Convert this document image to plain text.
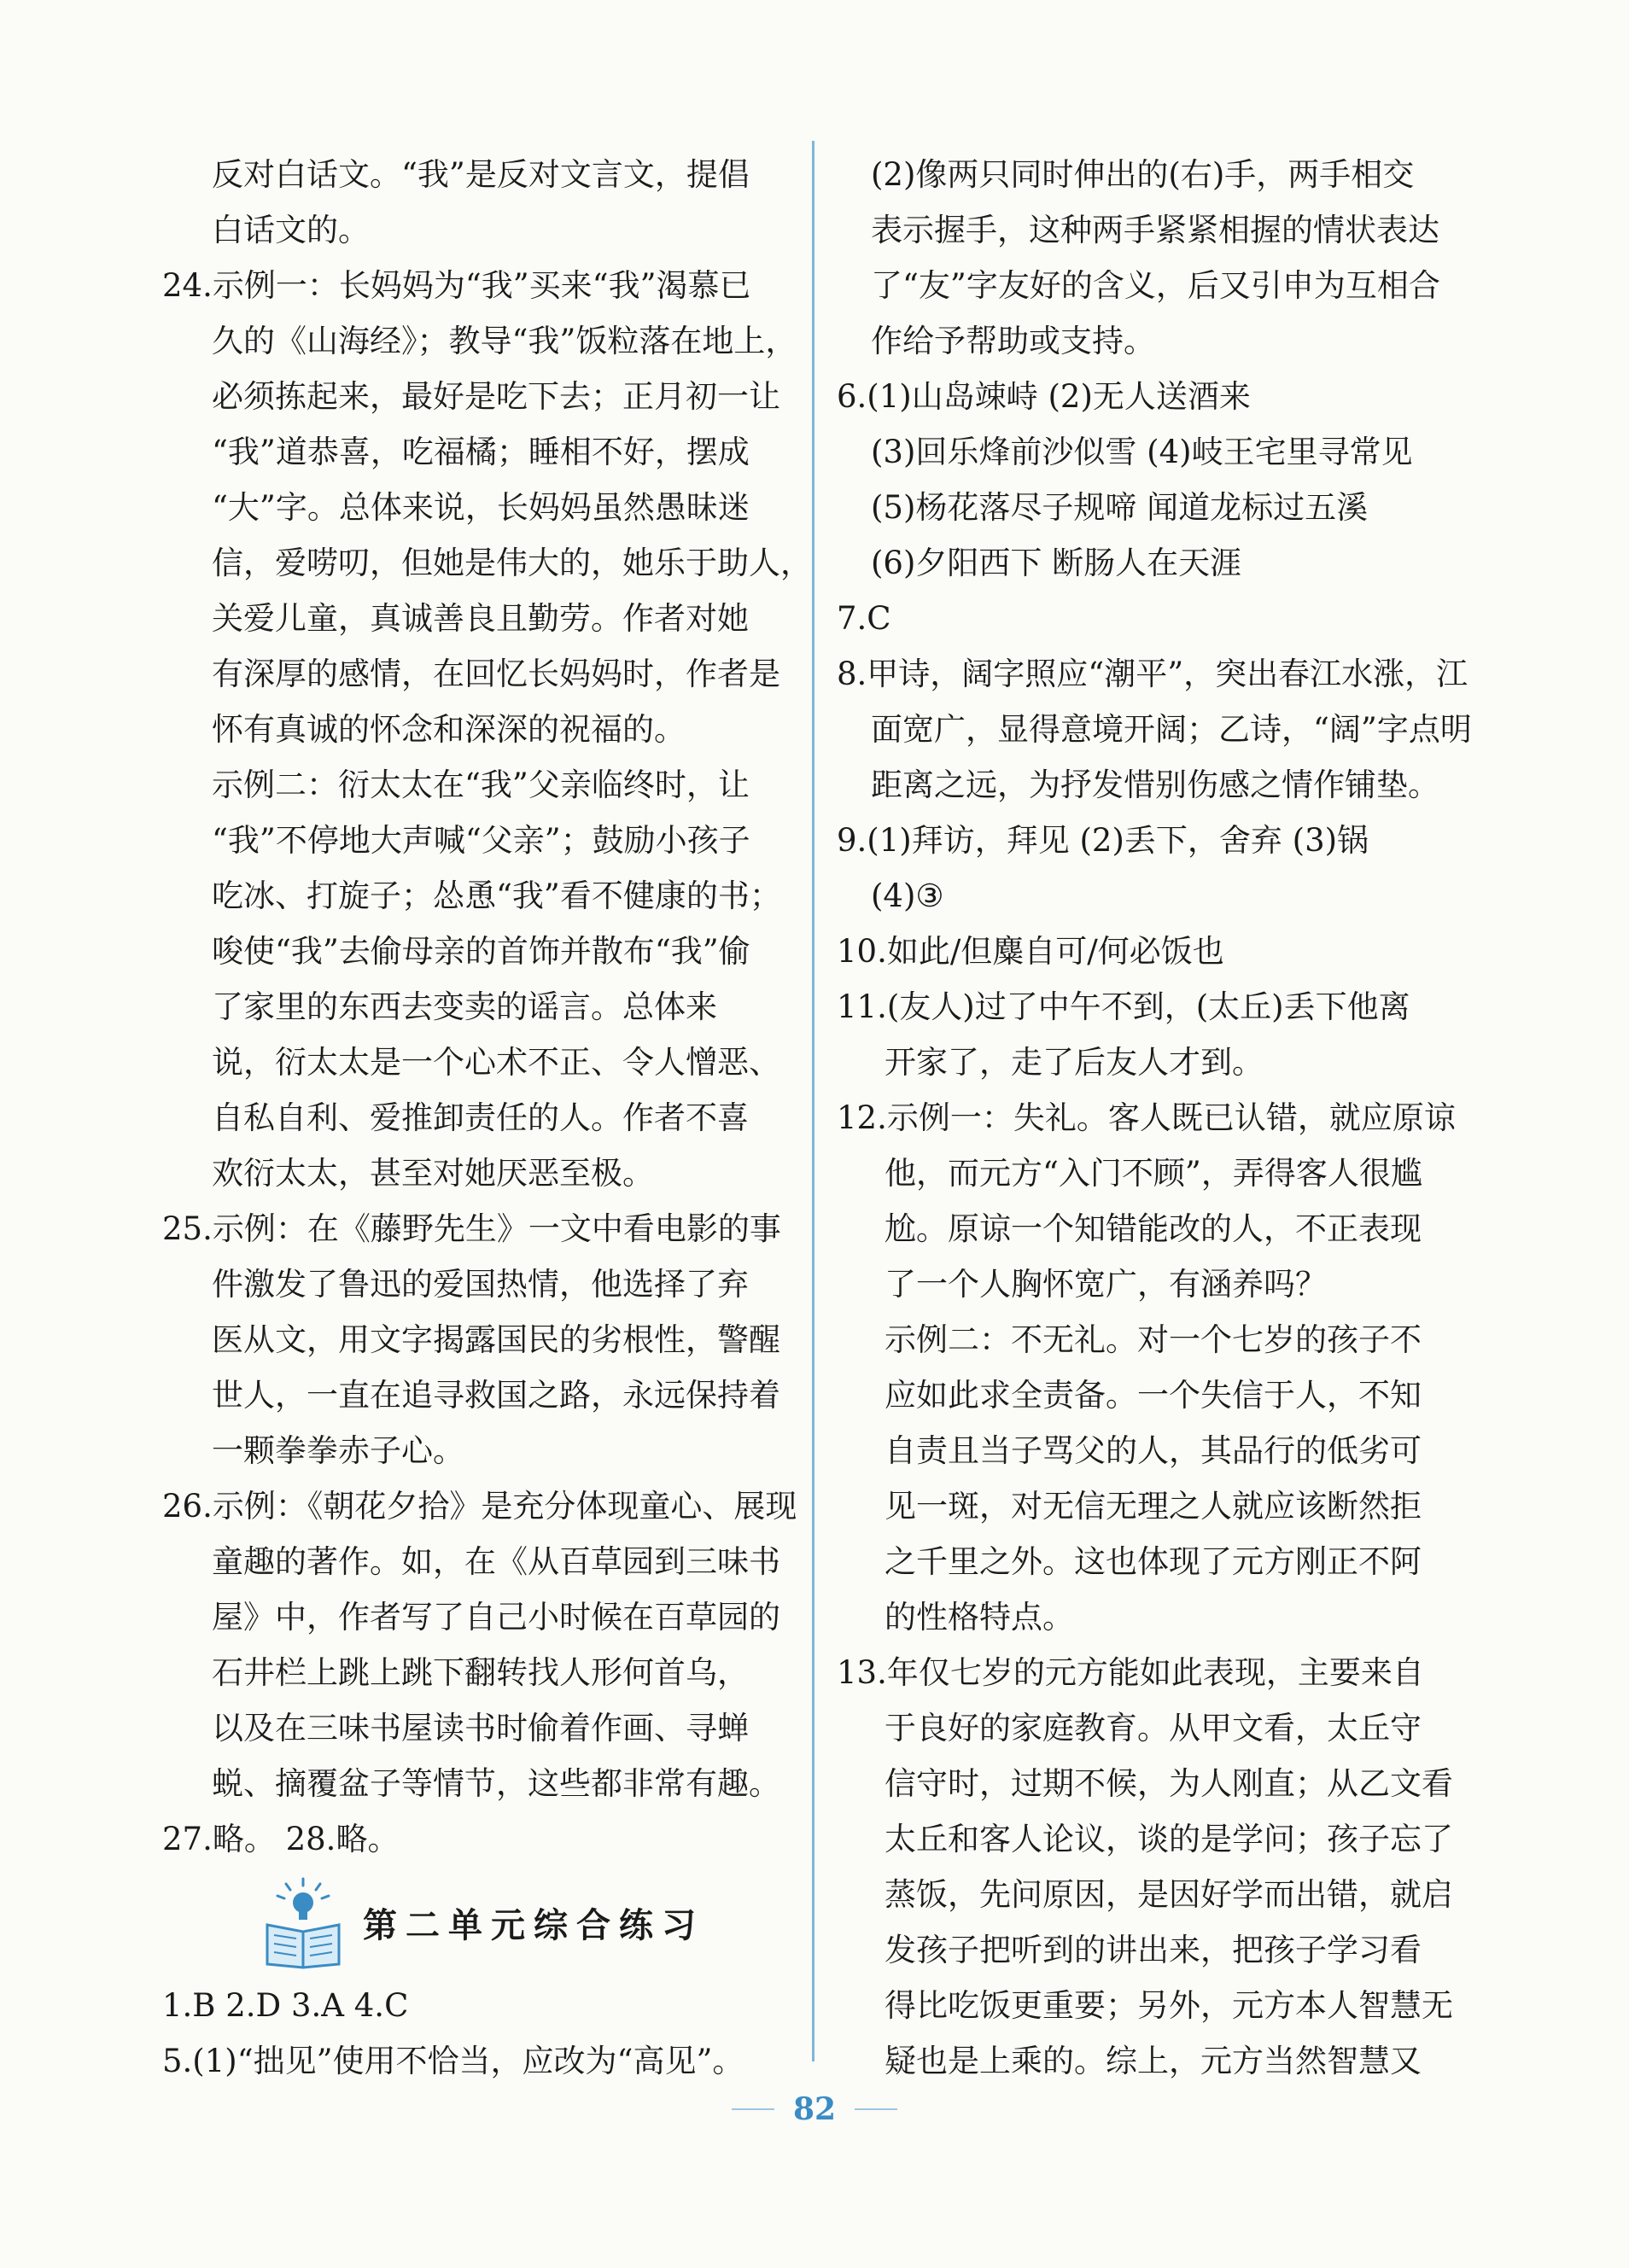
反对白话文。“我”是反对文言文，提倡
白话文的。
24.示例一：长妈妈为“我”买来“我”渴慕已
久的《山海经》；教导“我”饭粒落在地上，
必须拣起来，最好是吃下去；正月初一让
“我”道恭喜，吃福橘；睡相不好，摆成
“大”字。总体来说，长妈妈虽然愚昧迷
信，爱唠叨，但她是伟大的，她乐于助人，
关爱儿童，真诚善良且勤劳。作者对她
有深厚的感情，在回忆长妈妈时，作者是
怀有真诚的怀念和深深的祝福的。
示例二：衍太太在“我”父亲临终时，让
“我”不停地大声喊“父亲”；鼓励小孩子
吃冰、打旋子；怂恿“我”看不健康的书；
唆使“我”去偷母亲的首饰并散布“我”偷
了家里的东西去变卖的谣言。总体来
说，衍太太是一个心术不正、令人憎恶、
自私自利、爱推卸责任的人。作者不喜
欢衍太太，甚至对她厌恶至极。
25.示例：在《藤野先生》一文中看电影的事
件激发了鲁迅的爱国热情，他选择了弃
医从文，用文字揭露国民的劣根性，警醒
世人，一直在追寻救国之路，永远保持着
一颗拳拳赤子心。
26.示例：《朝花夕拾》是充分体现童心、展现
童趣的著作。如，在《从百草园到三味书
屋》中，作者写了自己小时候在百草园的
石井栏上跳上跳下翻转找人形何首乌，
以及在三味书屋读书时偷着作画、寻蝉
蜕、摘覆盆子等情节，这些都非常有趣。
27.略。 28.略。
第二单元综合练习
1.B 2.D 3.A 4.C
5.(1)“拙见”使用不恰当，应改为“高见”。
(2)像两只同时伸出的(右)手，两手相交
表示握手，这种两手紧紧相握的情状表达
了“友”字友好的含义，后又引申为互相合
作给予帮助或支持。
6.(1)山岛竦峙 (2)无人送酒来
(3)回乐烽前沙似雪 (4)岐王宅里寻常见
(5)杨花落尽子规啼 闻道龙标过五溪
(6)夕阳西下 断肠人在天涯
7.C
8.甲诗，阔字照应“潮平”，突出春江水涨，江
面宽广，显得意境开阔；乙诗，“阔”字点明
距离之远，为抒发惜别伤感之情作铺垫。
9.(1)拜访，拜见 (2)丢下，舍弃 (3)锅
(4)③
10.如此/但麋自可/何必饭也
11.(友人)过了中午不到，(太丘)丢下他离
开家了，走了后友人才到。
12.示例一：失礼。客人既已认错，就应原谅
他，而元方“入门不顾”，弄得客人很尴
尬。原谅一个知错能改的人，不正表现
了一个人胸怀宽广，有涵养吗？
示例二：不无礼。对一个七岁的孩子不
应如此求全责备。一个失信于人，不知
自责且当子骂父的人，其品行的低劣可
见一斑，对无信无理之人就应该断然拒
之千里之外。这也体现了元方刚正不阿
的性格特点。
13.年仅七岁的元方能如此表现，主要来自
于良好的家庭教育。从甲文看，太丘守
信守时，过期不候，为人刚直；从乙文看
太丘和客人论议，谈的是学问；孩子忘了
蒸饭，先问原因，是因好学而出错，就启
发孩子把听到的讲出来，把孩子学习看
得比吃饭更重要；另外，元方本人智慧无
疑也是上乘的。综上，元方当然智慧又
82
